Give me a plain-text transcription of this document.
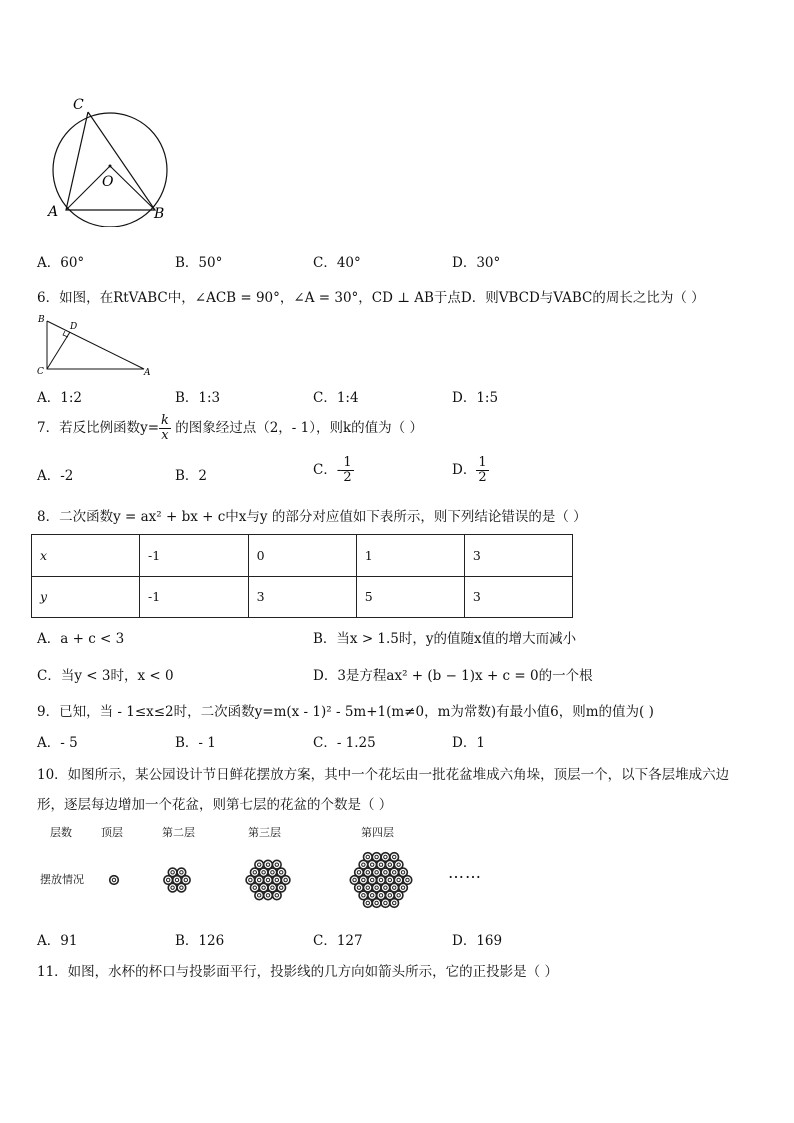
C
O
A	B
A．60°	B．50°	C．40°	D．30°
6．如图，在RtVABC中，∠ACB = 90°，∠A = 30°，CD ⊥ AB于点D．则VBCD与VABC的周长之比为（ ）
B
D
C	A
A．1:2	B．1:3	C．1:4	D．1:5
7．若反比例函数$y= \frac{k}{x}$ 的图象经过点（2，- 1），则k的值为（ ）
A．-2	B．2	C．- $\frac{1}{2}$	D． $\frac{1}{2}$
8．二次函数y = ax² + bx + c中x与y 的部分对应值如下表所示，则下列结论错误的是（ ）
x	-1	0	1	3
y	-1	3	5	3
A．a + c < 3	B．当x > 1.5时，y的值随x值的增大而减小
C．当y < 3时，x < 0	D．3是方程ax² + (b − 1)x + c = 0的一个根
9．已知，当 - 1≤x≤2时，二次函数y=m(x - 1)² - 5m+1(m≠0，m为常数)有最小值6，则m的值为( )
A．- 5	B．- 1	C．- 1.25	D．1
10．如图所示，某公园设计节日鲜花摆放方案，其中一个花坛由一批花盆堆成六角垛，顶层一个，以下各层堆成六边
形，逐层每边增加一个花盆，则第七层的花盆的个数是（ ）
层数	顶层	第二层	第三层	第四层
摆放情况	……
A．91	B．126	C．127	D．169
11．如图，水杯的杯口与投影面平行，投影线的几方向如箭头所示，它的正投影是（ ）
